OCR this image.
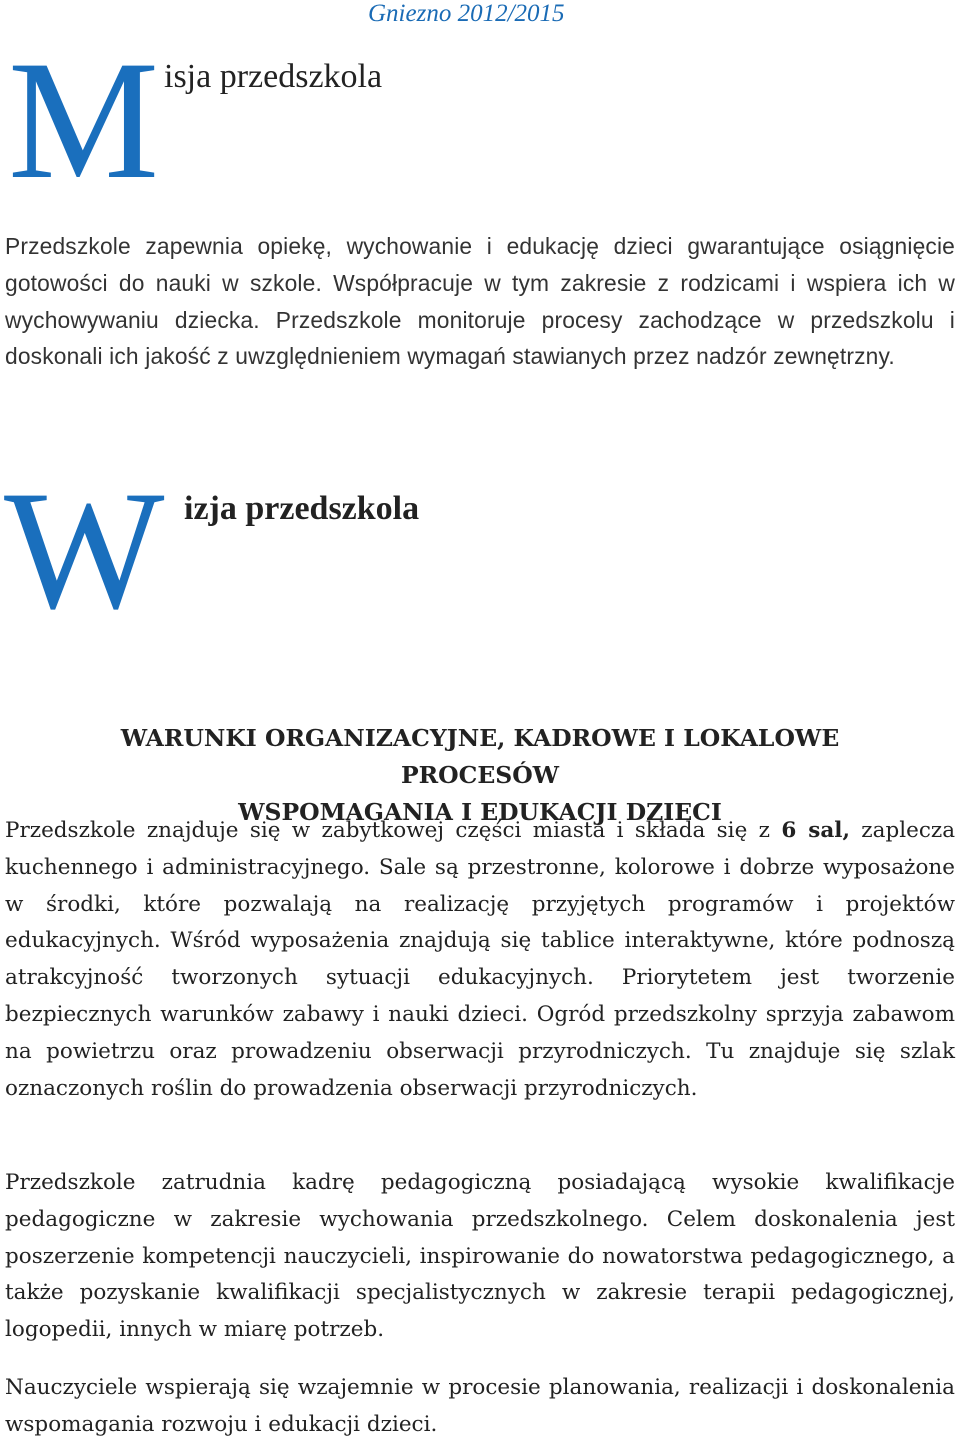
Gniezno 2012/2015
M isja przedszkola

Przedszkole zapewnia opiekę, wychowanie i edukację dzieci gwarantujące osiągnięcie gotowości do nauki w szkole. Współpracuje w tym zakresie z rodzicami i wspiera ich w wychowywaniu dziecka. Przedszkole monitoruje procesy zachodzące w przedszkolu i doskonali ich jakość z uwzględnieniem wymagań stawianych przez nadzór zewnętrzny.

W izja przedszkola
WARUNKI ORGANIZACYJNE, KADROWE I LOKALOWE PROCESÓW
WSPOMAGANIA I EDUKACJI DZIECI

Przedszkole znajduje się w zabytkowej części miasta i składa się z 6 sal, zaplecza kuchennego i administracyjnego. Sale są przestronne, kolorowe i dobrze wyposażone w środki, które pozwalają na realizację przyjętych programów i projektów edukacyjnych. Wśród wyposażenia znajdują się tablice interaktywne, które podnoszą atrakcyjność tworzonych sytuacji edukacyjnych. Priorytetem jest tworzenie bezpiecznych warunków zabawy i nauki dzieci. Ogród przedszkolny sprzyja zabawom na powietrzu oraz prowadzeniu obserwacji przyrodniczych. Tu znajduje się szlak oznaczonych roślin do prowadzenia obserwacji przyrodniczych.

Przedszkole zatrudnia kadrę pedagogiczną posiadającą wysokie kwalifikacje pedagogiczne w zakresie wychowania przedszkolnego. Celem doskonalenia jest poszerzenie kompetencji nauczycieli, inspirowanie do nowatorstwa pedagogicznego, a także pozyskanie kwalifikacji specjalistycznych w zakresie terapii pedagogicznej, logopedii, innych w miarę potrzeb.

Nauczyciele wspierają się wzajemnie w procesie planowania, realizacji i doskonalenia wspomagania rozwoju i edukacji dzieci.
